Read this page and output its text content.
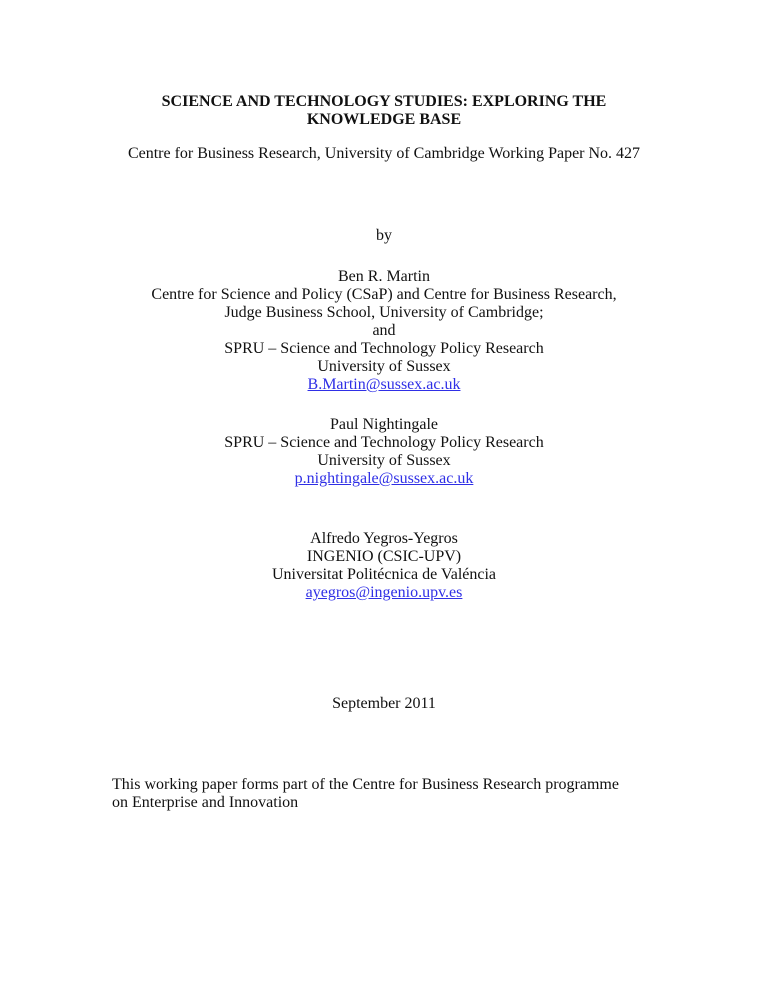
SCIENCE AND TECHNOLOGY STUDIES: EXPLORING THE
KNOWLEDGE BASE
Centre for Business Research, University of Cambridge Working Paper No. 427
by
Ben R. Martin
Centre for Science and Policy (CSaP) and Centre for Business Research,
Judge Business School, University of Cambridge;
and
SPRU – Science and Technology Policy Research
University of Sussex
B.Martin@sussex.ac.uk
Paul Nightingale
SPRU – Science and Technology Policy Research
University of Sussex
p.nightingale@sussex.ac.uk
Alfredo Yegros-Yegros
INGENIO (CSIC-UPV)
Universitat Politécnica de Valéncia
ayegros@ingenio.upv.es
September 2011
This working paper forms part of the Centre for Business Research programme
on Enterprise and Innovation
